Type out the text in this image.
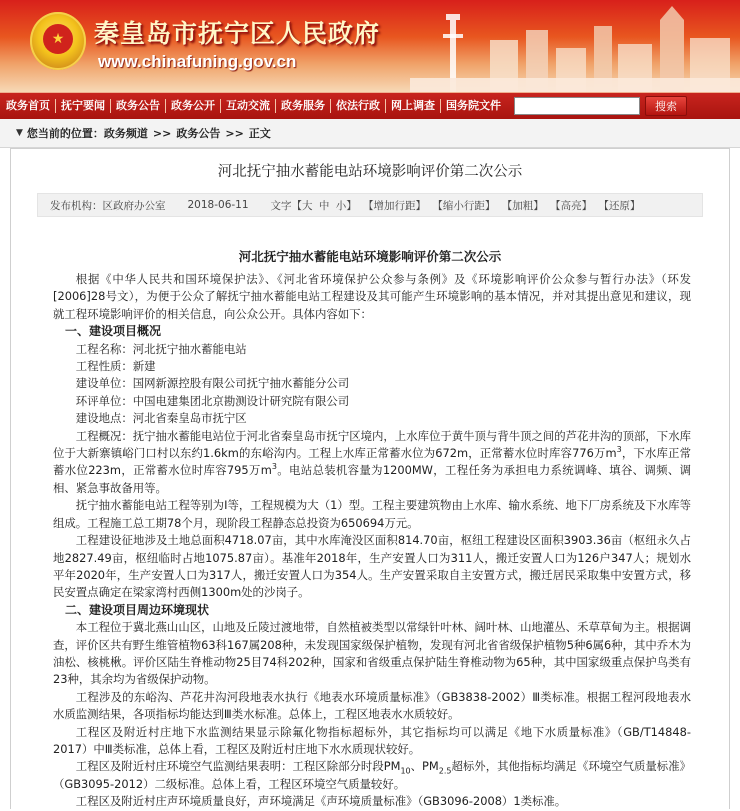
★	秦皇岛市抚宁区人民政府
www.chinafuning.gov.cn
政务首页	抚宁要闻	政务公告	政务公开	互动交流	政务服务	依法行政	网上调查	国务院文件	搜索
▼ 您当前的位置： 政务频道 >> 政务公告 >> 正文
河北抚宁抽水蓄能电站环境影响评价第二次公示
发布机构：区政府办公室 2018-06-11 文字【大 中 小】 【增加行距】 【缩小行距】 【加粗】 【高亮】 【还原】
河北抚宁抽水蓄能电站环境影响评价第二次公示

根据《中华人民共和国环境保护法》、《河北省环境保护公众参与条例》及《环境影响评价公众参与暂行办法》（环发[2006]28号文），为便于公众了解抚宁抽水蓄能电站工程建设及其可能产生环境影响的基本情况，并对其提出意见和建议，现就工程环境影响评价的相关信息，向公众公开。具体内容如下：

一、建设项目概况

工程名称：河北抚宁抽水蓄能电站

工程性质：新建

建设单位：国网新源控股有限公司抚宁抽水蓄能分公司

环评单位：中国电建集团北京勘测设计研究院有限公司

建设地点：河北省秦皇岛市抚宁区

工程概况：抚宁抽水蓄能电站位于河北省秦皇岛市抚宁区境内，上水库位于黄牛顶与背牛顶之间的芦花井沟的顶部，下水库位于大新寨镇峪门口村以东约1.6km的东峪沟内。工程上水库正常蓄水位为672m，正常蓄水位时库容776万$m^3$，下水库正常蓄水位223m，正常蓄水位时库容795万$m^3$。电站总装机容量为1200MW，工程任务为承担电力系统调峰、填谷、调频、调相、紧急事故备用等。

抚宁抽水蓄能电站工程等别为I等，工程规模为大（1）型。工程主要建筑物由上水库、输水系统、地下厂房系统及下水库等组成。工程施工总工期78个月，现阶段工程静态总投资为650694万元。

工程建设征地涉及土地总面积4718.07亩，其中水库淹没区面积814.70亩，枢纽工程建设区面积3903.36亩（枢纽永久占地2827.49亩，枢纽临时占地1075.87亩）。基准年2018年，生产安置人口为311人，搬迁安置人口为126户347人；规划水平年2020年，生产安置人口为317人，搬迁安置人口为354人。生产安置采取自主安置方式，搬迁居民采取集中安置方式，移民安置点确定在梁家湾村西侧1300m处的沙岗子。

二、建设项目周边环境现状

本工程位于冀北燕山山区，山地及丘陵过渡地带，自然植被类型以常绿针叶林、阔叶林、山地灌丛、禾草草甸为主。根据调查，评价区共有野生维管植物63科167属208种，未发现国家级保护植物，发现有河北省省级保护植物5种6属6种，其中乔木为油松、核桃楸。评价区陆生脊椎动物25目74科202种，国家和省级重点保护陆生脊椎动物为65种，其中国家级重点保护鸟类有23种，其余均为省级保护动物。

工程涉及的东峪沟、芦花井沟河段地表水执行《地表水环境质量标准》（GB3838-2002）Ⅲ类标准。根据工程河段地表水水质监测结果，各项指标均能达到Ⅲ类水标准。总体上，工程区地表水水质较好。

工程区及附近村庄地下水监测结果显示除氟化物指标超标外，其它指标均可以满足《地下水质量标准》（GB/T14848-2017）中Ⅲ类标准，总体上看，工程区及附近村庄地下水水质现状较好。

工程区及附近村庄环境空气监测结果表明：工程区除部分时段$PM_{10}$、$PM_{2.5}$超标外，其他指标均满足《环境空气质量标准》（GB3095-2012）二级标准。总体上看，工程区环境空气质量较好。

工程区及附近村庄声环境质量良好，声环境满足《声环境质量标准》（GB3096-2008）1类标准。
